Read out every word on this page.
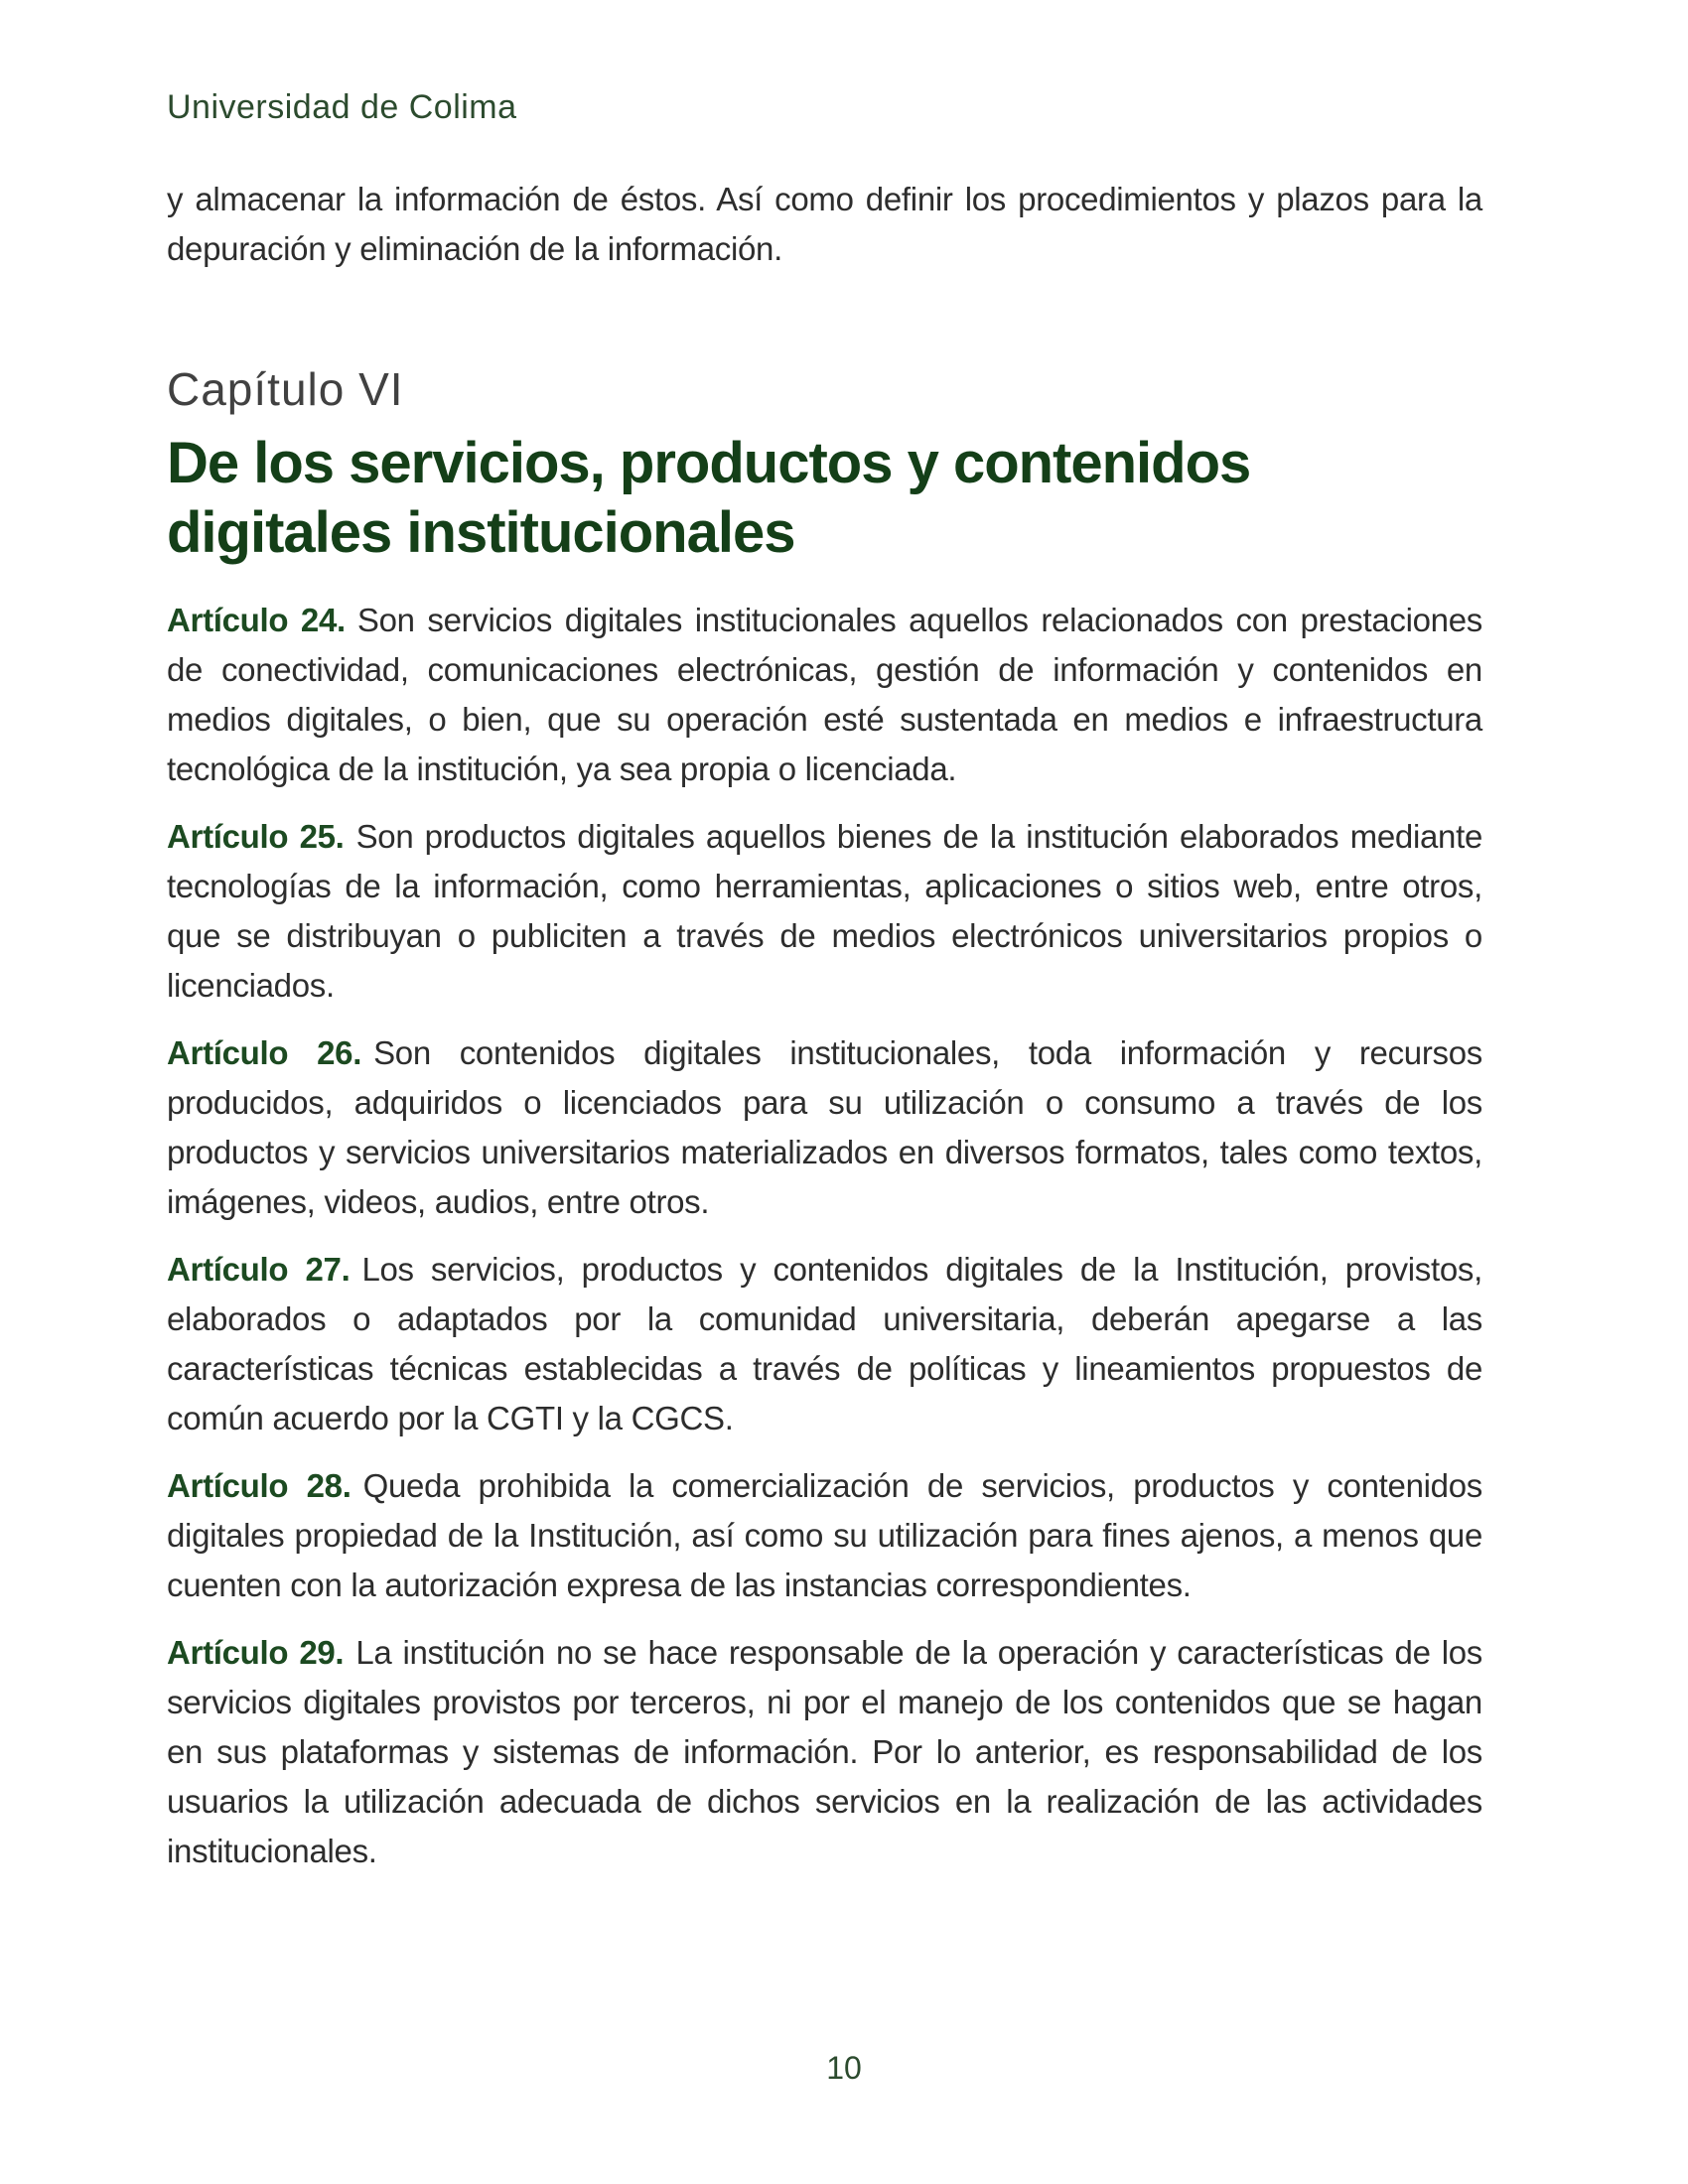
Universidad de Colima

y almacenar la información de éstos. Así como definir los procedimientos y plazos para la depuración y eliminación de la información.

Capítulo VI
De los servicios, productos y contenidos digitales institucionales

Artículo 24. Son servicios digitales institucionales aquellos relacionados con prestaciones de conectividad, comunicaciones electrónicas, gestión de información y contenidos en medios digitales, o bien, que su operación esté sustentada en medios e infraestructura tecnológica de la institución, ya sea propia o licenciada.

Artículo 25. Son productos digitales aquellos bienes de la institución elaborados mediante tecnologías de la información, como herramientas, aplicaciones o sitios web, entre otros, que se distribuyan o publiciten a través de medios electrónicos universitarios propios o licenciados.

Artículo 26. Son contenidos digitales institucionales, toda información y recursos producidos, adquiridos o licenciados para su utilización o consumo a través de los productos y servicios universitarios materializados en diversos formatos, tales como textos, imágenes, videos, audios, entre otros.

Artículo 27. Los servicios, productos y contenidos digitales de la Institución, provistos, elaborados o adaptados por la comunidad universitaria, deberán apegarse a las características técnicas establecidas a través de políticas y lineamientos propuestos de común acuerdo por la CGTI y la CGCS.

Artículo 28. Queda prohibida la comercialización de servicios, productos y contenidos digitales propiedad de la Institución, así como su utilización para fines ajenos, a menos que cuenten con la autorización expresa de las instancias correspondientes.

Artículo 29. La institución no se hace responsable de la operación y características de los servicios digitales provistos por terceros, ni por el manejo de los contenidos que se hagan en sus plataformas y sistemas de información. Por lo anterior, es responsabilidad de los usuarios la utilización adecuada de dichos servicios en la realización de las actividades institucionales.

10
